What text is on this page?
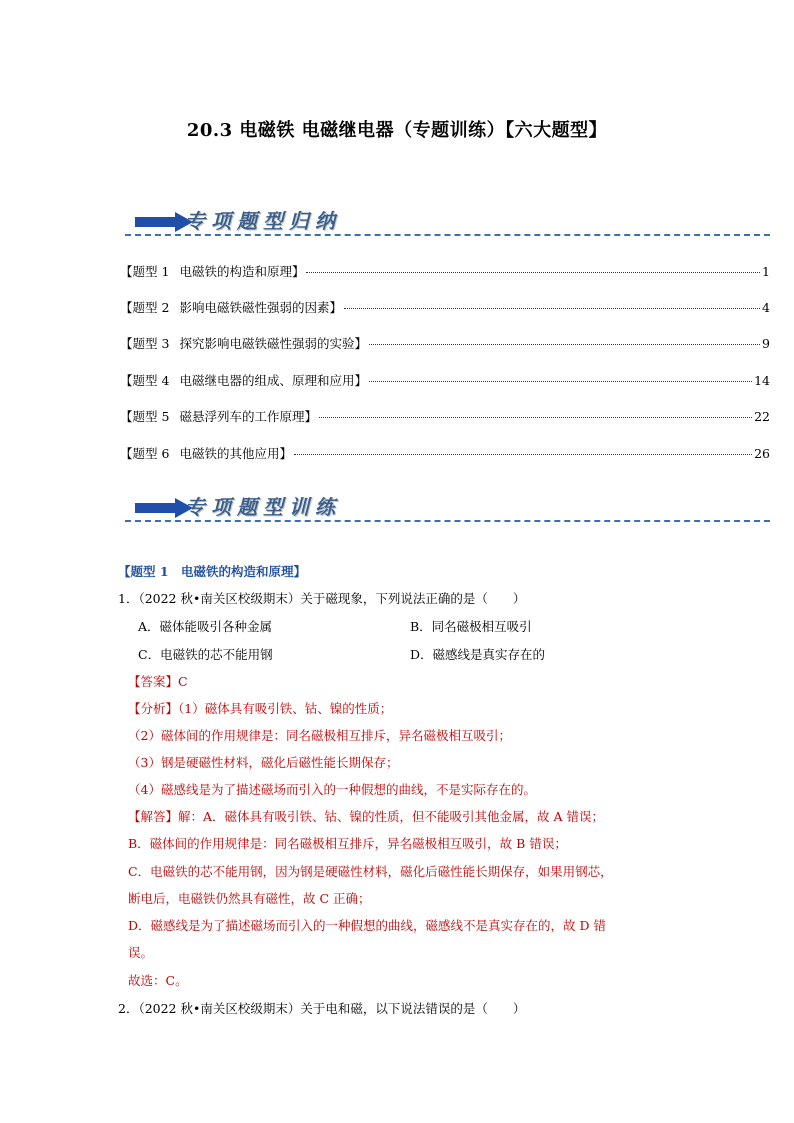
20.3 电磁铁 电磁继电器（专题训练）【六大题型】
专项题型归纳
【题型 1 电磁铁的构造和原理】	1
【题型 2 影响电磁铁磁性强弱的因素】	4
【题型 3 探究影响电磁铁磁性强弱的实验】	9
【题型 4 电磁继电器的组成、原理和应用】	14
【题型 5 磁悬浮列车的工作原理】	22
【题型 6 电磁铁的其他应用】	26
专项题型训练
【题型 1　电磁铁的构造和原理】
1．（2022 秋•南关区校级期末）关于磁现象，下列说法正确的是（　　）
A．磁体能吸引各种金属	B．同名磁极相互吸引
C．电磁铁的芯不能用钢	D．磁感线是真实存在的
【答案】C
【分析】（1）磁体具有吸引铁、钴、镍的性质；
（2）磁体间的作用规律是：同名磁极相互排斥，异名磁极相互吸引；
（3）钢是硬磁性材料，磁化后磁性能长期保存；
（4）磁感线是为了描述磁场而引入的一种假想的曲线，不是实际存在的。
【解答】解：A．磁体具有吸引铁、钴、镍的性质，但不能吸引其他金属，故 A 错误；
B．磁体间的作用规律是：同名磁极相互排斥，异名磁极相互吸引，故 B 错误；
C．电磁铁的芯不能用钢，因为钢是硬磁性材料，磁化后磁性能长期保存，如果用钢芯，
断电后，电磁铁仍然具有磁性，故 C 正确；
D．磁感线是为了描述磁场而引入的一种假想的曲线，磁感线不是真实存在的，故 D 错
误。
故选：C。
2．（2022 秋•南关区校级期末）关于电和磁，以下说法错误的是（　　）
